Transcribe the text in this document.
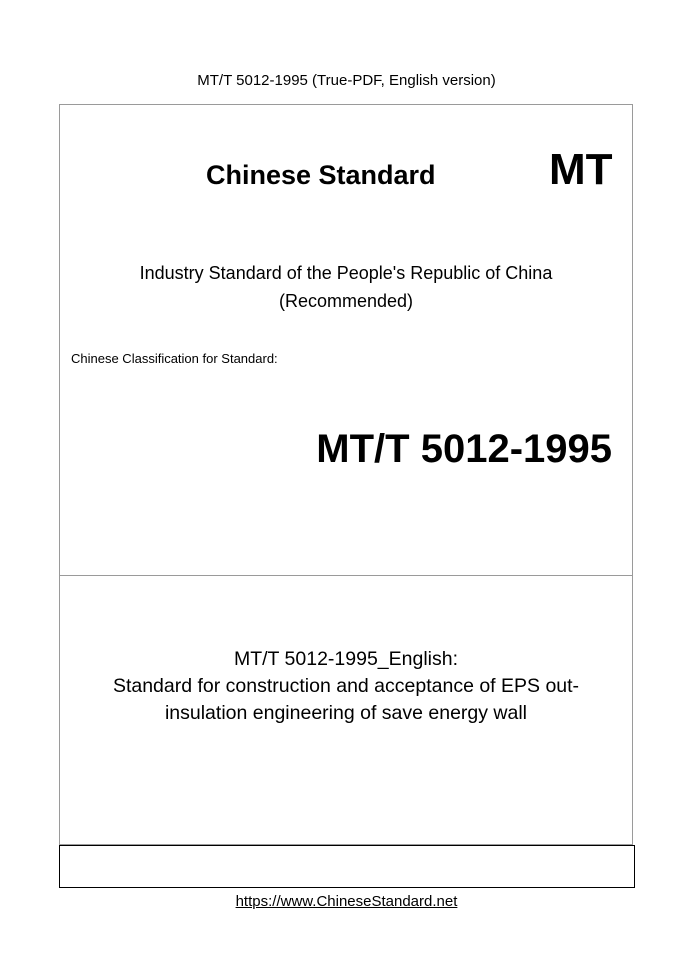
MT/T 5012-1995 (True-PDF, English version)
Chinese Standard	MT
Industry Standard of the People's Republic of China
(Recommended)
Chinese Classification for Standard:
MT/T 5012-1995
MT/T 5012-1995_English:
Standard for construction and acceptance of EPS out-
insulation engineering of save energy wall
https://www.ChineseStandard.net
